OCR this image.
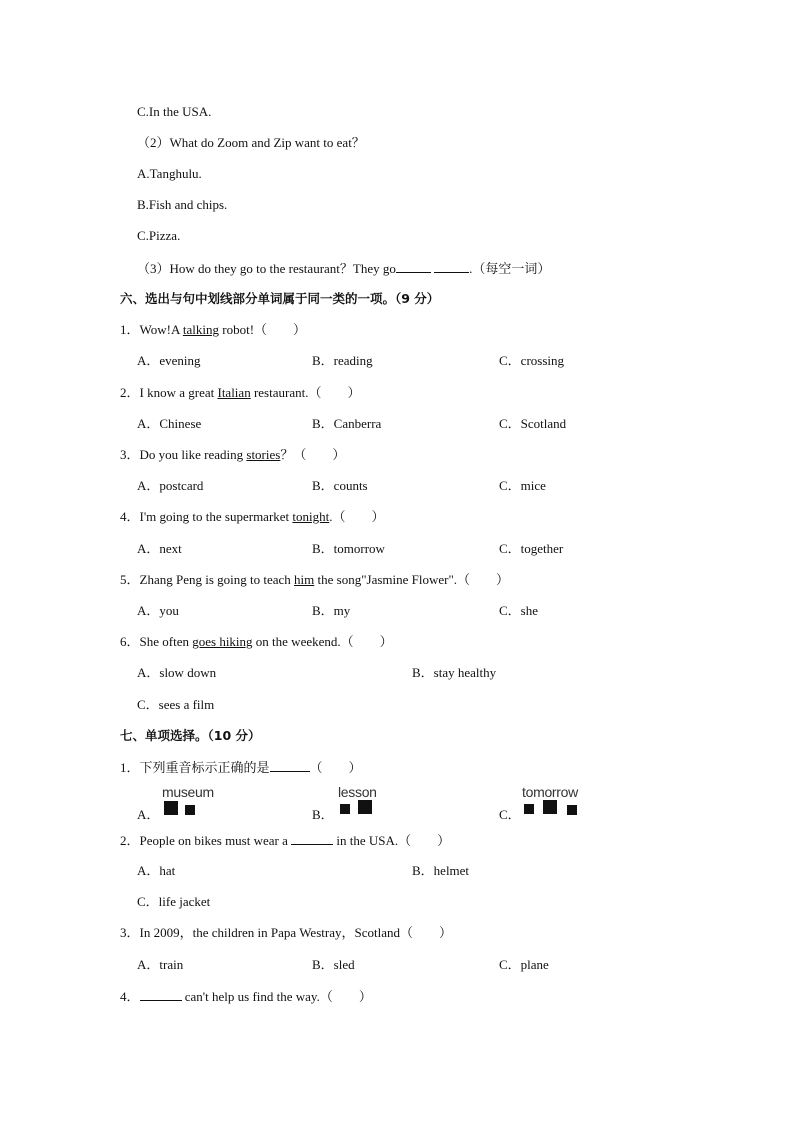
C.In the USA.
（2）What do Zoom and Zip want to eat？
A.Tanghulu.
B.Fish and chips.
C.Pizza.
（3）How do they go to the restaurant？They go	.（每空一词）
六、选出与句中划线部分单词属于同一类的一项。（9 分）
1．Wow!A talking robot!（　　）
A．evening	B．reading	C．crossing
2．I know a great Italian restaurant.（　　）
A．Chinese	B．Canberra	C．Scotland
3．Do you like reading stories？（　　）
A．postcard	B．counts	C．mice
4．I'm going to the supermarket tonight.（　　）
A．next	B．tomorrow	C．together
5．Zhang Peng is going to teach him the song"Jasmine Flower".（　　）
A．you	B．my	C．she
6．She often goes hiking on the weekend.（　　）
A．slow down	B．stay healthy
C．sees a film
七、单项选择。（10 分）
1．下列重音标示正确的是	（　　）
A．
museum
B．
lesson
C．
tomorrow
2．People on bikes must wear a	in the USA.（　　）
A．hat	B．helmet
C．life jacket
3．In 2009，the children in Papa Westray，Scotland（　　）
A．train	B．sled	C．plane
4．	can't help us find the way.（　　）
